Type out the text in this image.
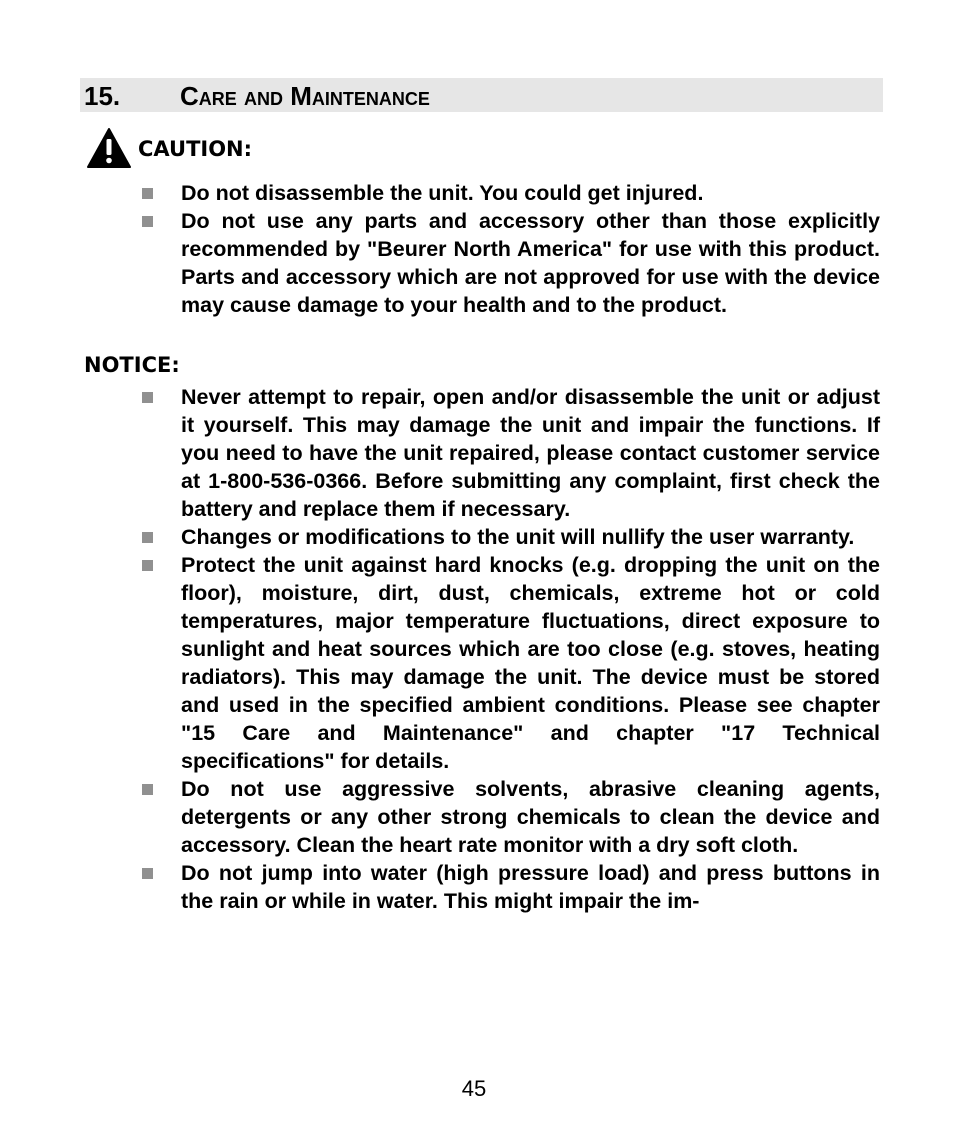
15. Care and Maintenance
CAUTION:
Do not disassemble the unit. You could get injured.
Do not use any parts and accessory other than those explicitly recommended by "Beurer North America" for use with this product. Parts and accessory which are not approved for use with the device may cause damage to your health and to the product.
NOTICE:
Never attempt to repair, open and/or disassemble the unit or adjust it yourself. This may damage the unit and impair the functions. If you need to have the unit repaired, please contact customer service at 1-800-536-0366. Before submitting any complaint, first check the battery and replace them if necessary.
Changes or modifications to the unit will nullify the user warranty.
Protect the unit against hard knocks (e.g. dropping the unit on the floor), moisture, dirt, dust, chemicals, extreme hot or cold temperatures, major temperature fluctuations, direct exposure to sunlight and heat sources which are too close (e.g. stoves, heating radiators). This may damage the unit. The device must be stored and used in the specified ambient conditions. Please see chapter "15 Care and Maintenance" and chapter "17 Technical specifications" for details.
Do not use aggressive solvents, abrasive cleaning agents, detergents or any other strong chemicals to clean the device and accessory. Clean the heart rate monitor with a dry soft cloth.
Do not jump into water (high pressure load) and press buttons in the rain or while in water. This might impair the im-
45
